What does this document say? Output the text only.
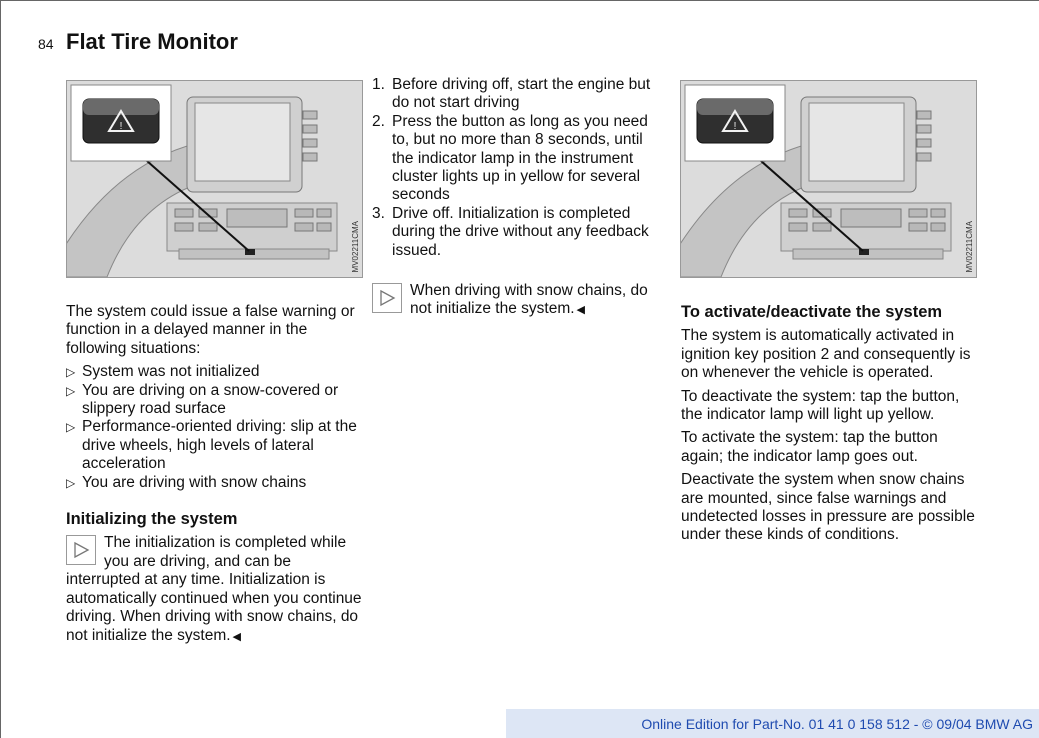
84 Flat Tire Monitor
!
MV02211CMA
!
MV02211CMA

The system could issue a false warning or function in a delayed manner in the following situations:

▷ System was not initialized
▷ You are driving on a snow-covered or slippery road surface
▷ Performance-oriented driving: slip at the drive wheels, high levels of lateral acceleration
▷ You are driving with snow chains
Initializing the system
The initialization is completed while you are driving, and can be interrupted at any time. Initialization is automatically continued when you continue driving. When driving with snow chains, do not initialize the system. ◀
1. Before driving off, start the engine but do not start driving
2. Press the button as long as you need to, but no more than 8 seconds, until the indicator lamp in the instrument cluster lights up in yellow for several seconds
3. Drive off. Initialization is completed during the drive without any feedback issued.
When driving with snow chains, do not initialize the system. ◀	To activate/deactivate the system

The system is automatically activated in ignition key position 2 and consequently is on whenever the vehicle is operated.

To deactivate the system: tap the button, the indicator lamp will light up yellow.

To activate the system: tap the button again; the indicator lamp goes out.

Deactivate the system when snow chains are mounted, since false warnings and undetected losses in pressure are possible under these kinds of conditions.

Online Edition for Part-No. 01 41 0 158 512 - © 09/04 BMW AG
